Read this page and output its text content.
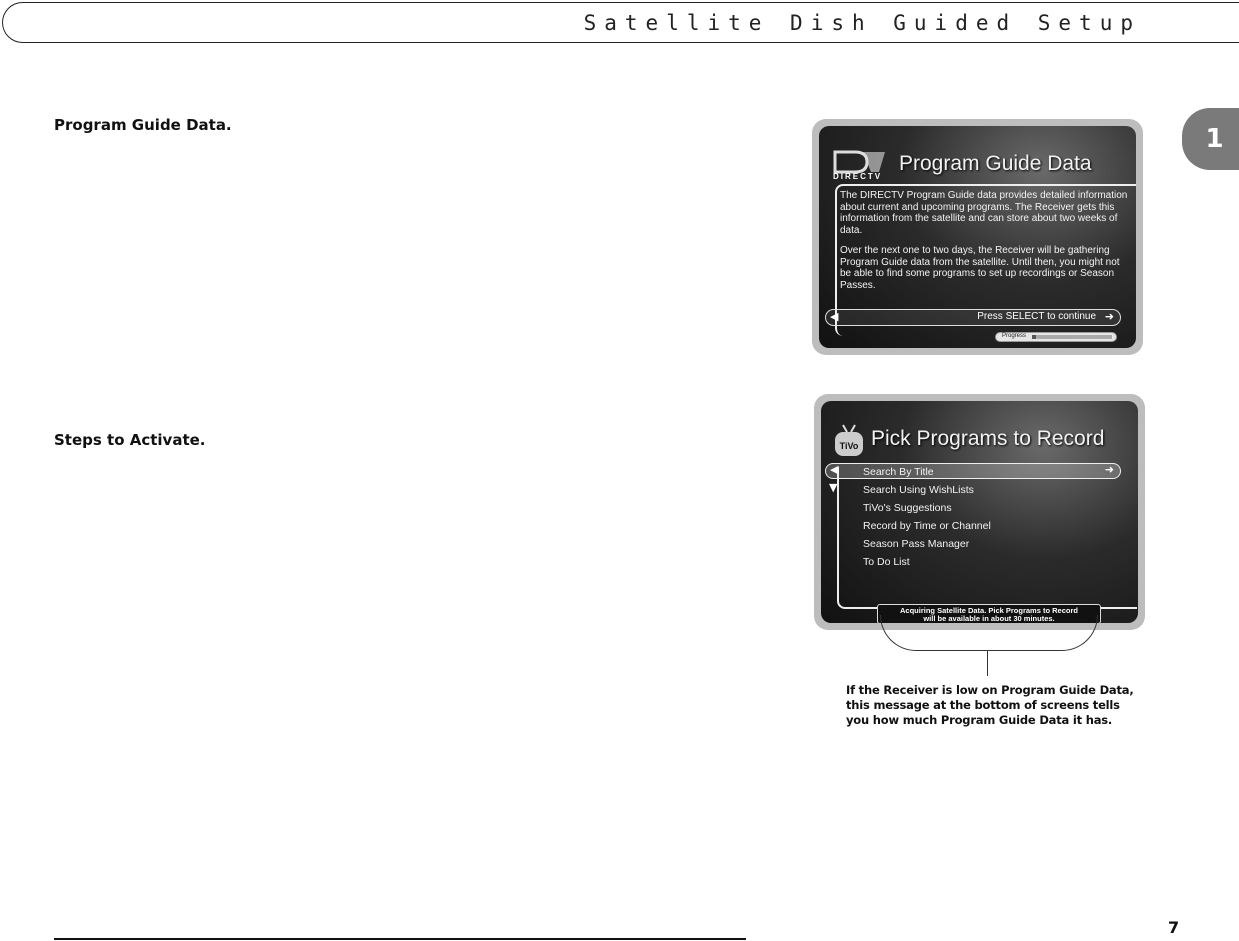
Satellite Dish Guided Setup
1
Program Guide Data.
Steps to Activate.
DIRECTV
Program Guide Data

The DIRECTV Program Guide data provides detailed information about current and upcoming programs. The Receiver gets this information from the satellite and can store about two weeks of data.

Over the next one to two days, the Receiver will be gathering Program Guide data from the satellite. Until then, you might not be able to find some programs to set up recordings or Season Passes.

◀	Press SELECT to continue ➜
Progress
TiVo Pick Programs to Record
◀	➜
▼
Search By Title
Search Using WishLists
TiVo's Suggestions
Record by Time or Channel
Season Pass Manager
To Do List
Acquiring Satellite Data. Pick Programs to Record
will be available in about 30 minutes.
If the Receiver is low on Program Guide Data, this message at the bottom of screens tells you how much Program Guide Data it has.
7
